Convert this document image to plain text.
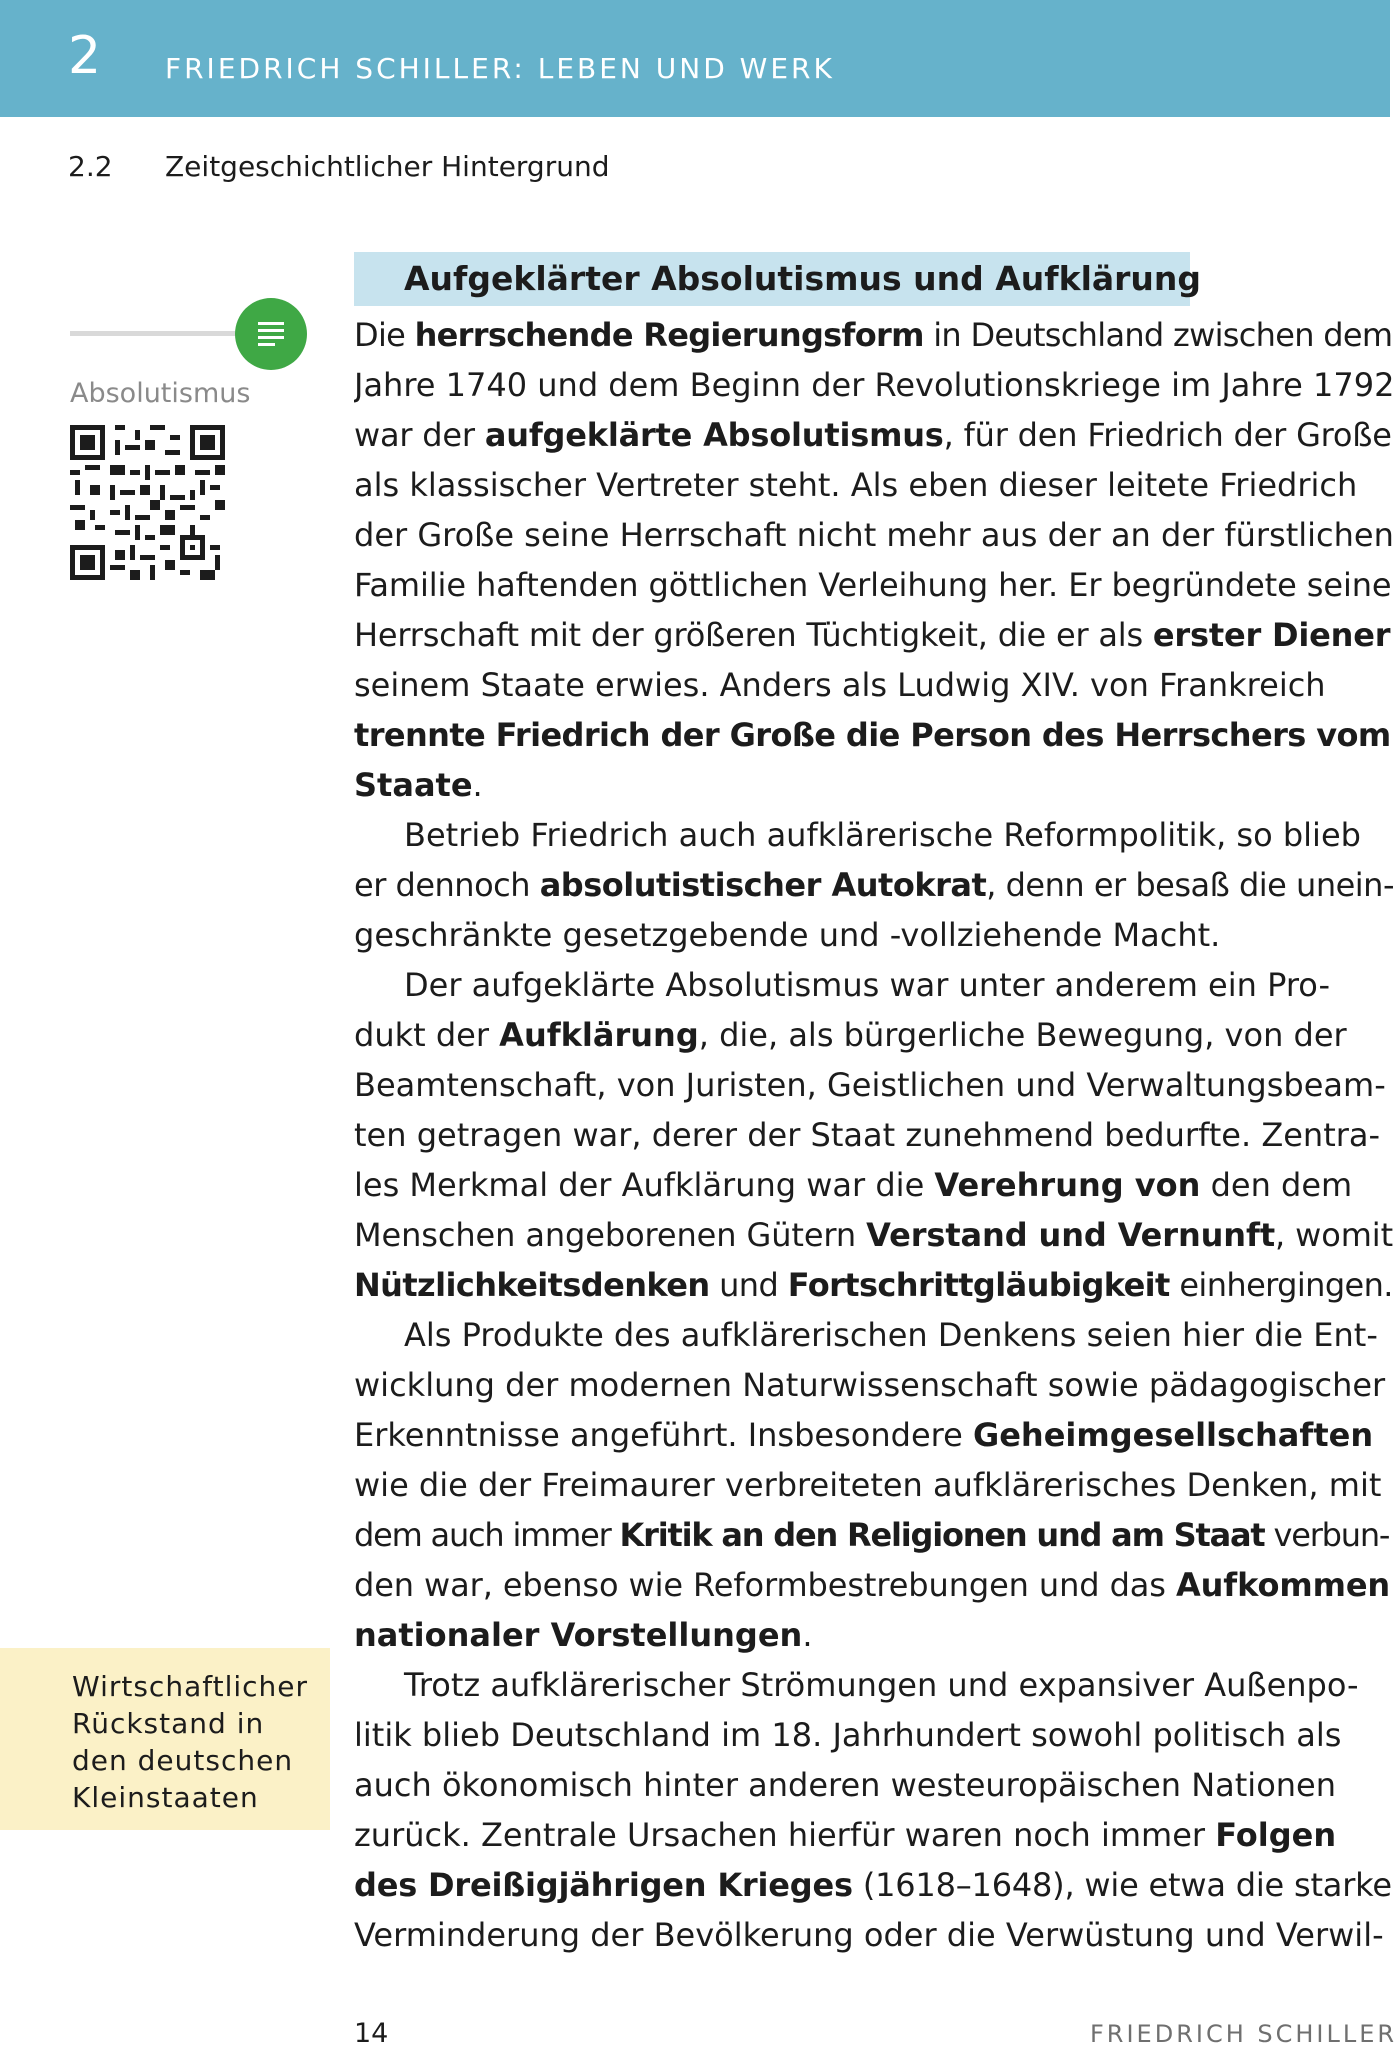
2 FRIEDRICH SCHILLER: LEBEN UND WERK
2.2 Zeitgeschichtlicher Hintergrund
Absolutismus
Wirtschaftlicher
Rückstand in
den deutschen
Kleinstaaten
Aufgeklärter Absolutismus und Aufklärung
Die herrschende Regierungsform in Deutschland zwischen dem
Jahre 1740 und dem Beginn der Revolutionskriege im Jahre 1792
war der aufgeklärte Absolutismus, für den Friedrich der Große
als klassischer Vertreter steht. Als eben dieser leitete Friedrich
der Große seine Herrschaft nicht mehr aus der an der fürstlichen
Familie haftenden göttlichen Verleihung her. Er begründete seine
Herrschaft mit der größeren Tüchtigkeit, die er als erster Diener
seinem Staate erwies. Anders als Ludwig XIV. von Frankreich
trennte Friedrich der Große die Person des Herrschers vom
Staate.
Betrieb Friedrich auch aufklärerische Reformpolitik, so blieb
er dennoch absolutistischer Autokrat, denn er besaß die unein-
geschränkte gesetzgebende und -vollziehende Macht.
Der aufgeklärte Absolutismus war unter anderem ein Pro-
dukt der Aufklärung, die, als bürgerliche Bewegung, von der
Beamtenschaft, von Juristen, Geistlichen und Verwaltungsbeam-
ten getragen war, derer der Staat zunehmend bedurfte. Zentra-
les Merkmal der Aufklärung war die Verehrung von den dem
Menschen angeborenen Gütern Verstand und Vernunft, womit
Nützlichkeitsdenken und Fortschrittgläubigkeit einhergingen.
Als Produkte des aufklärerischen Denkens seien hier die Ent-
wicklung der modernen Naturwissenschaft sowie pädagogischer
Erkenntnisse angeführt. Insbesondere Geheimgesellschaften
wie die der Freimaurer verbreiteten aufklärerisches Denken, mit
dem auch immer Kritik an den Religionen und am Staat verbun-
den war, ebenso wie Reformbestrebungen und das Aufkommen
nationaler Vorstellungen.
Trotz aufklärerischer Strömungen und expansiver Außenpo-
litik blieb Deutschland im 18. Jahrhundert sowohl politisch als
auch ökonomisch hinter anderen westeuropäischen Nationen
zurück. Zentrale Ursachen hierfür waren noch immer Folgen
des Dreißigjährigen Krieges (1618–1648), wie etwa die starke
Verminderung der Bevölkerung oder die Verwüstung und Verwil-
14	FRIEDRICH SCHILLER
